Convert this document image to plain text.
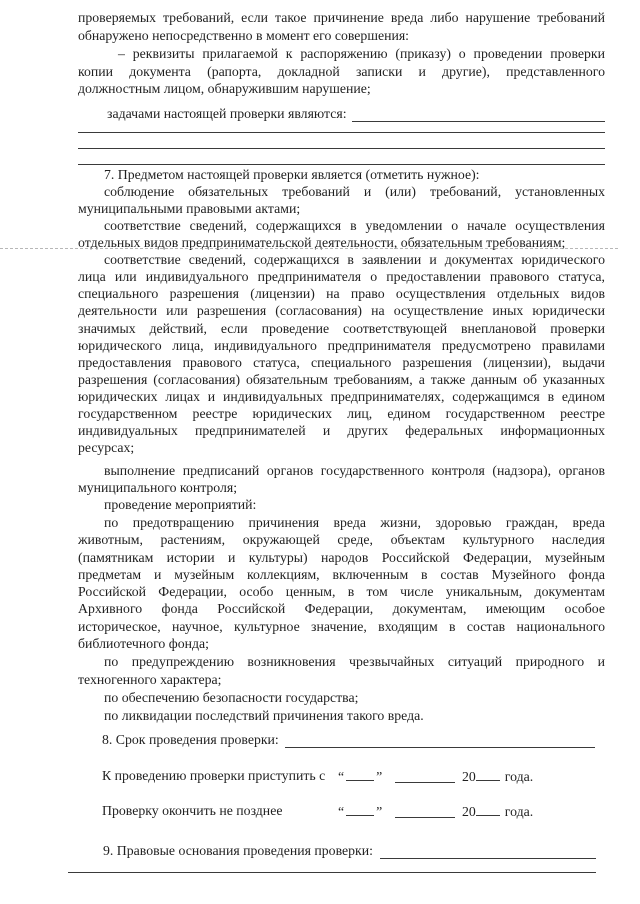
проверяемых требований, если такое причинение вреда либо нарушение требований
обнаружено непосредственно в момент его совершения:
– реквизиты прилагаемой к распоряжению (приказу) о проведении проверки
копии документа (рапорта, докладной записки и другие), представленного
должностным лицом, обнаружившим нарушение;
задачами настоящей проверки являются:
7. Предметом настоящей проверки является (отметить нужное):
соблюдение обязательных требований и (или) требований, установленных
муниципальными правовыми актами;
соответствие сведений, содержащихся в уведомлении о начале осуществления
отдельных видов предпринимательской деятельности, обязательным требованиям;
соответствие сведений, содержащихся в заявлении и документах юридического
лица или индивидуального предпринимателя о предоставлении правового статуса,
специального разрешения (лицензии) на право осуществления отдельных видов
деятельности или разрешения (согласования) на осуществление иных юридически
значимых действий, если проведение соответствующей внеплановой проверки
юридического лица, индивидуального предпринимателя предусмотрено правилами
предоставления правового статуса, специального разрешения (лицензии), выдачи
разрешения (согласования) обязательным требованиям, а также данным об указанных
юридических лицах и индивидуальных предпринимателях, содержащимся в едином
государственном реестре юридических лиц, едином государственном реестре
индивидуальных предпринимателей и других федеральных информационных
ресурсах;
выполнение предписаний органов государственного контроля (надзора), органов
муниципального контроля;
проведение мероприятий:
по предотвращению причинения вреда жизни, здоровью граждан, вреда
животным, растениям, окружающей среде, объектам культурного наследия
(памятникам истории и культуры) народов Российской Федерации, музейным
предметам и музейным коллекциям, включенным в состав Музейного фонда
Российской Федерации, особо ценным, в том числе уникальным, документам
Архивного фонда Российской Федерации, документам, имеющим особое
историческое, научное, культурное значение, входящим в состав национального
библиотечного фонда;
по предупреждению возникновения чрезвычайных ситуаций природного и
техногенного характера;
по обеспечению безопасности государства;
по ликвидации последствий причинения такого вреда.
8. Срок проведения проверки:
К проведению проверки приступить с “ ”	20 года.
Проверку окончить не позднее	“ ”	20 года.
9. Правовые основания проведения проверки:
